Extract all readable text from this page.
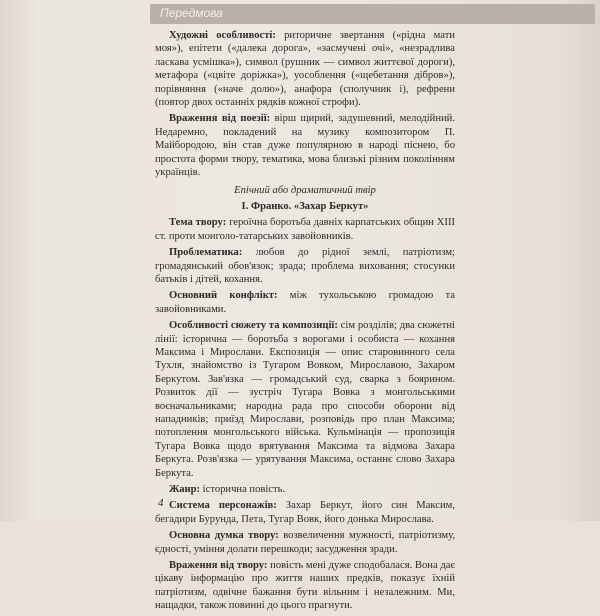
Передмова

Художні особливості: риторичне звертання («рідна мати моя»), епітети («далека дорога», «засмучені очі», «незрадлива ласкава усмішка»), символ (рушник — символ життєвої дороги), метафора («цвіте доріжка»), уособлення («щебетання дібров»), порівняння («наче долю»), анафора (сполучник і), рефрени (повтор двох останніх рядків кожної строфи).

Враження від поезії: вірш щирий, задушевний, мелодійний. Недаремно, покладений на музику композитором П. Майбородою, він став дуже популярною в народі піснею, бо простота форми твору, тематика, мова близькі різним поколінням українців.

Епічний або драматичний твір
І. Франко. «Захар Беркут»

Тема твору: героїчна боротьба давніх карпатських общин XIII ст. проти монголо-татарських завойовників.

Проблематика: любов до рідної землі, патріотизм; громадянський обов'язок; зрада; проблема виховання; стосунки батьків і дітей, кохання.

Основний конфлікт: між тухольською громадою та завойовниками.

Особливості сюжету та композиції: сім розділів; два сюжетні лінії: історична — боротьба з ворогами і особиста — кохання Максима і Мирослави. Експозиція — опис старовинного села Тухля, знайомство із Тугаром Вовком, Мирославою, Захаром Беркутом. Зав'язка — громадський суд, сварка з боярином. Розвиток дії — зустріч Тугара Вовка з монгольськими воєначальниками; народна рада про способи оборони від нападників; приїзд Мирослави, розповідь про план Максима; потоплення монгольського війська. Кульмінація — пропозиція Тугара Вовка щодо врятування Максима та відмова Захара Беркута. Розв'язка — урятування Максима, останнє слово Захара Беркута.

Жанр: історична повість.

Система персонажів: Захар Беркут, його син Максим, бегадири Бурунда, Пета, Тугар Вовк, його донька Мирослава.

Основна думка твору: возвеличення мужності, патріотизму, єдності, уміння долати перешкоди; засудження зради.

Враження від твору: повість мені дуже сподобалася. Вона дає цікаву інформацію про життя наших предків, показує їхній патріотизм, одвічне бажання бути вільним і незалежним. Ми, нащадки, також повинні до цього прагнути.

4
